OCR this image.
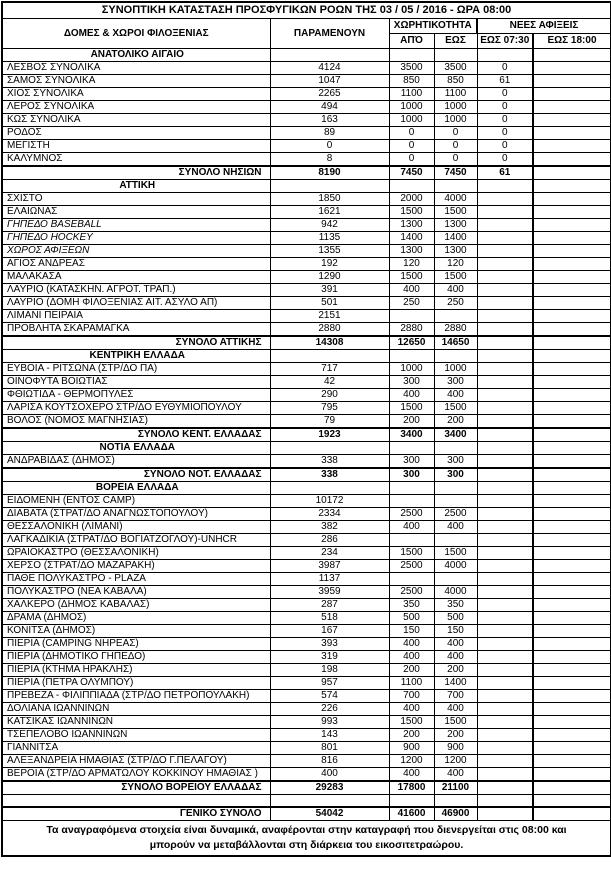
ΣΥΝΟΠΤΙΚΗ ΚΑΤΑΣΤΑΣΗ ΠΡΟΣΦΥΓΙΚΩΝ ΡΟΩΝ ΤΗΣ 03 / 05 / 2016 - ΩΡΑ 08:00					
ΔΟΜΕΣ & ΧΩΡΟΙ ΦΙΛΟΞΕΝΙΑΣ	ΠΑΡΑΜΕΝΟΥΝ	ΧΩΡΗΤΙΚΟΤΗΤΑ		ΝΕΕΣ ΑΦΙΞΕΙΣ	
		ΑΠΌ	ΕΩΣ	ΕΩΣ 07:30	ΕΩΣ 18:00
ΑΝΑΤΟΛΙΚΟ ΑΙΓΑΙΟ					
ΛΕΣΒΟΣ ΣΥΝΟΛΙΚΑ	4124	3500	3500	0	
ΣΑΜΟΣ ΣΥΝΟΛΙΚΑ	1047	850	850	61	
ΧΙΟΣ ΣΥΝΟΛΙΚΑ	2265	1100	1100	0	
ΛΕΡΟΣ ΣΥΝΟΛΙΚΑ	494	1000	1000	0	
ΚΩΣ ΣΥΝΟΛΙΚΑ	163	1000	1000	0	
ΡΟΔΟΣ	89	0	0	0	
ΜΕΓΙΣΤΗ	0	0	0	0	
ΚΑΛΥΜΝΟΣ	8	0	0	0	
ΣΥΝΟΛΟ ΝΗΣΙΩΝ	8190	7450	7450	61	
ΑΤΤΙΚΗ					
ΣΧΙΣΤΟ	1850	2000	4000		
ΕΛΑΙΩΝΑΣ	1621	1500	1500		
ΓΗΠΕΔΟ BASEBALL	942	1300	1300		
ΓΗΠΕΔΟ HOCKEY	1135	1400	1400		
ΧΩΡΟΣ ΑΦΙΞΕΩΝ	1355	1300	1300		
ΑΓΙΟΣ ΑΝΔΡΕΑΣ	192	120	120		
ΜΑΛΑΚΑΣΑ	1290	1500	1500		
ΛΑΥΡΙΟ (ΚΑΤΑΣΚΗΝ. ΑΓΡΟΤ. ΤΡΑΠ.)	391	400	400		
ΛΑΥΡΙΟ (ΔΟΜΗ ΦΙΛΟΞΕΝΙΑΣ ΑΙΤ. ΑΣΥΛΟ ΑΠ)	501	250	250		
ΛΙΜΑΝΙ ΠΕΙΡΑΙΑ	2151				
ΠΡΟΒΛΗΤΑ ΣΚΑΡΑΜΑΓΚΑ	2880	2880	2880		
ΣΥΝΟΛΟ ΑΤΤΙΚΗΣ	14308	12650	14650		
ΚΕΝΤΡΙΚΗ ΕΛΛΑΔΑ					
ΕΥΒΟΙΑ - ΡΙΤΣΩΝΑ (ΣΤΡ/ΔΟ ΠΑ)	717	1000	1000		
ΟΙΝΟΦΥΤΑ ΒΟΙΩΤΙΑΣ	42	300	300		
ΦΘΙΩΤΙΔΑ - ΘΕΡΜΟΠΥΛΕΣ	290	400	400		
ΛΑΡΙΣΑ ΚΟΥΤΣΟΧΕΡΟ ΣΤΡ/ΔΟ ΕΥΘΥΜΙΟΠΟΥΛΟΥ	795	1500	1500		
ΒΟΛΟΣ (ΝΟΜΟΣ ΜΑΓΝΗΣΙΑΣ)	79	200	200		
ΣΥΝΟΛΟ ΚΕΝΤ. ΕΛΛΑΔΑΣ	1923	3400	3400		
ΝΟΤΙΑ ΕΛΛΑΔΑ					
ΑΝΔΡΑΒΙΔΑΣ (ΔΗΜΟΣ)	338	300	300		
ΣΥΝΟΛΟ ΝΟΤ. ΕΛΛΑΔΑΣ	338	300	300		
ΒΟΡΕΙΑ ΕΛΛΑΔΑ					
ΕΙΔΟΜΕΝΗ (ΕΝΤΟΣ CAMP)	10172				
ΔΙΑΒΑΤΑ (ΣΤΡΑΤ/ΔΟ ΑΝΑΓΝΩΣΤΟΠΟΥΛΟΥ)	2334	2500	2500		
ΘΕΣΣΑΛΟΝΙΚΗ (ΛΙΜΑΝΙ)	382	400	400		
ΛΑΓΚΑΔΙΚΙΑ (ΣΤΡΑΤ/ΔΟ ΒΟΓΙΑΤΖΟΓΛΟΥ)-UNHCR	286				
ΩΡΑΙΟΚΑΣΤΡΟ (ΘΕΣΣΑΛΟΝΙΚΗ)	234	1500	1500		
ΧΕΡΣΟ (ΣΤΡΑΤ/ΔΟ ΜΑΖΑΡΑΚΗ)	3987	2500	4000		
ΠΑΘΕ ΠΟΛΥΚΑΣΤΡΟ - PLAZA	1137				
ΠΟΛΥΚΑΣΤΡΟ (ΝΕΑ ΚΑΒΑΛΑ)	3959	2500	4000		
ΧΑΛΚΕΡΟ (ΔΗΜΟΣ ΚΑΒΑΛΑΣ)	287	350	350		
ΔΡΑΜΑ (ΔΗΜΟΣ)	518	500	500		
ΚΟΝΙΤΣΑ (ΔΗΜΟΣ)	167	150	150		
ΠΙΕΡΙΑ (CAMPING ΝΗΡΕΑΣ)	393	400	400		
ΠΙΕΡΙΑ (ΔΗΜΟΤΙΚΟ ΓΗΠΕΔΟ)	319	400	400		
ΠΙΕΡΙΑ (ΚΤΗΜΑ ΗΡΑΚΛΗΣ)	198	200	200		
ΠΙΕΡΙΑ (ΠΕΤΡΑ ΟΛΥΜΠΟΥ)	957	1100	1400		
ΠΡΕΒΕΖΑ - ΦΙΛΙΠΠΙΑΔΑ (ΣΤΡ/ΔΟ ΠΕΤΡΟΠΟΥΛΑΚΗ)	574	700	700		
ΔΟΛΙΑΝΑ ΙΩΑΝΝΙΝΩΝ	226	400	400		
ΚΑΤΣΙΚΑΣ ΙΩΑΝΝΙΝΩΝ	993	1500	1500		
ΤΣΕΠΕΛΟΒΟ ΙΩΑΝΝΙΝΩΝ	143	200	200		
ΓΙΑΝΝΙΤΣΑ	801	900	900		
ΑΛΕΞΑΝΔΡΕΙΑ ΗΜΑΘΙΑΣ (ΣΤΡ/ΔΟ Γ.ΠΕΛΑΓΟΥ)	816	1200	1200		
ΒΕΡΟΙΑ (ΣΤΡ/ΔΟ ΑΡΜΑΤΩΛΟΥ ΚΟΚΚΙΝΟΥ ΗΜΑΘΙΑΣ )	400	400	400		
ΣΥΝΟΛΟ ΒΟΡΕΙΟΥ ΕΛΛΑΔΑΣ	29283	17800	21100		

ΓΕΝΙΚΟ ΣΥΝΟΛΟ	54042	41600	46900		
Τα αναγραφόμενα στοιχεία είναι δυναμικά, αναφέρονται στην καταγραφή που διενεργείται στις 08:00 και μπορούν να μεταβάλλονται στη διάρκεια του εικοσιτετραώρου.					
